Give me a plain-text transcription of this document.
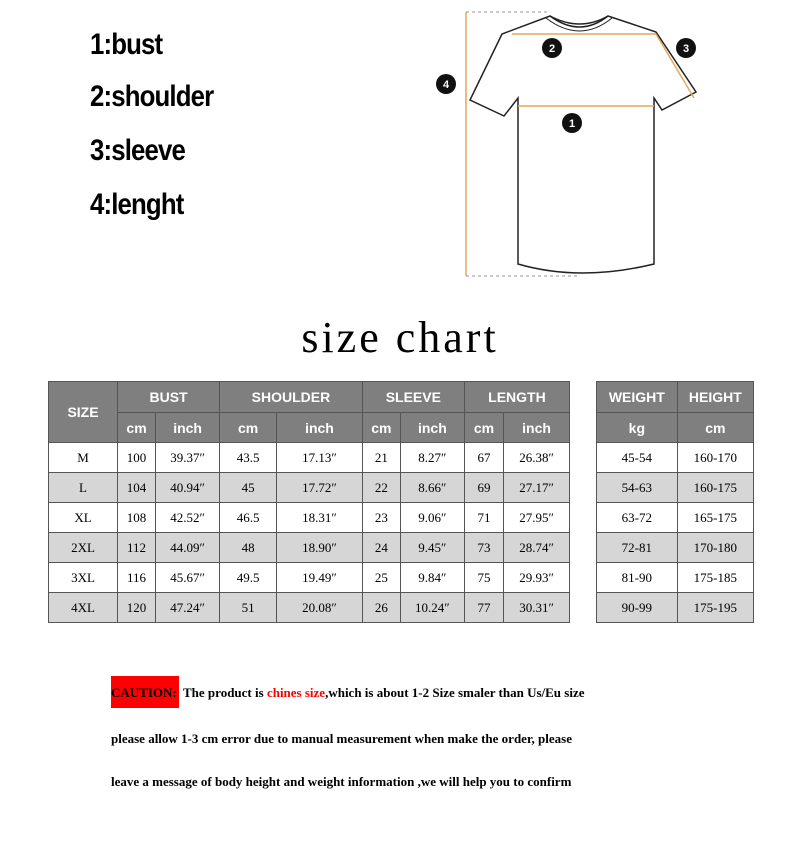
1:bust
2:shoulder
3:sleeve
4:lenght
2	3
4
1
size chart
SIZE	BUST		SHOULDER		SLEEVE		LENGTH	
	cm	inch	cm	inch	cm	inch	cm	inch
M	100	39.37″	43.5	17.13″	21	8.27″	67	26.38″
L	104	40.94″	45	17.72″	22	8.66″	69	27.17″
XL	108	42.52″	46.5	18.31″	23	9.06″	71	27.95″
2XL	112	44.09″	48	18.90″	24	9.45″	73	28.74″
3XL	116	45.67″	49.5	19.49″	25	9.84″	75	29.93″
4XL	120	47.24″	51	20.08″	26	10.24″	77	30.31″
WEIGHT	HEIGHT
kg	cm
45-54	160-170
54-63	160-175
63-72	165-175
72-81	170-180
81-90	175-185
90-99	175-195
CAUTION: The product is chines size,which is about 1-2 Size smaler than Us/Eu size
please allow 1-3 cm error due to manual measurement when make the order, please
leave a message of body height and weight information ,we will help you to confirm
